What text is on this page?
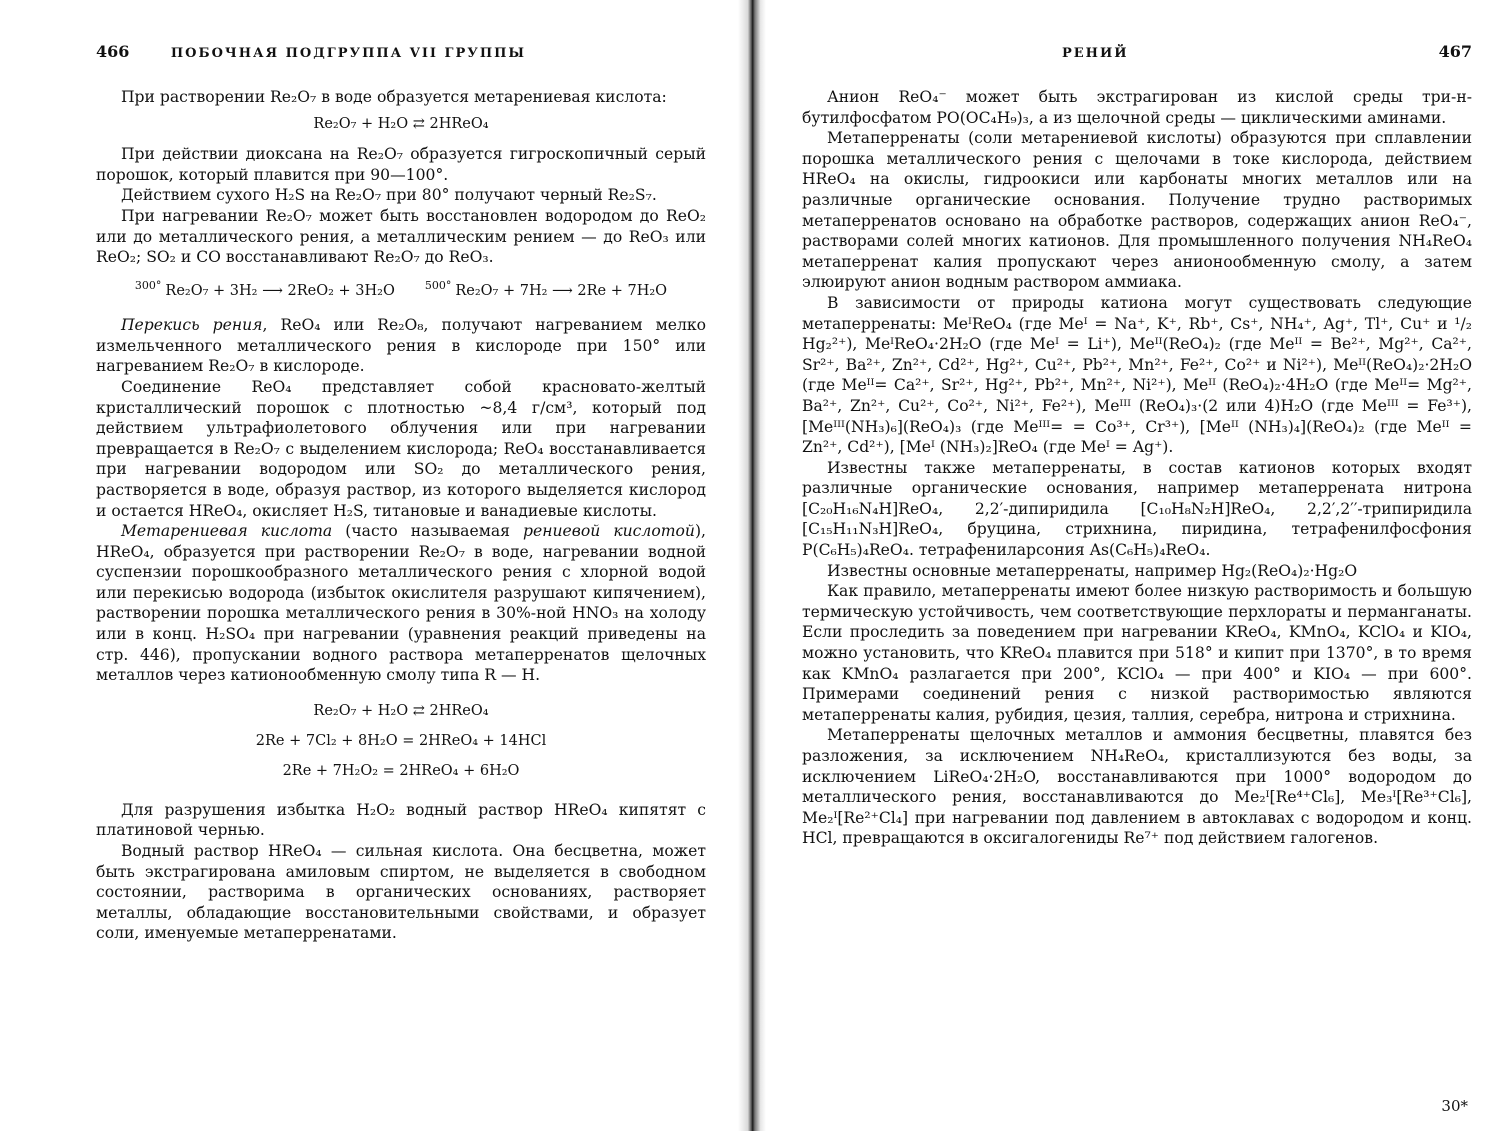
466	ПОБОЧНАЯ ПОДГРУППА VII ГРУППЫ

При растворении Re₂O₇ в воде образуется метарениевая кислота:

Re₂O₇ + H₂O ⇄ 2HReO₄

При действии диоксана на Re₂O₇ образуется гигроскопичный серый порошок, который плавится при 90—100°.

Действием сухого H₂S на Re₂O₇ при 80° получают черный Re₂S₇.

При нагревании Re₂O₇ может быть восстановлен водородом до ReO₂ или до металлического рения, а металлическим рением — до ReO₃ или ReO₂; SO₂ и CO восстанавливают Re₂O₇ до ReO₃.

$^{300^\circ}$ Re₂O₇ + 3H₂ ⟶ 2ReO₂ + 3H₂O	$^{500^\circ}$ Re₂O₇ + 7H₂ ⟶ 2Re + 7H₂O

Перекись рения, ReO₄ или Re₂O₈, получают нагреванием мелко измельченного металлического рения в кислороде при 150° или нагреванием Re₂O₇ в кислороде.

Соединение ReO₄ представляет собой красновато-желтый кристаллический порошок с плотностью ~8,4 г/см³, который под действием ультрафиолетового облучения или при нагревании превращается в Re₂O₇ с выделением кислорода; ReO₄ восстанавливается при нагревании водородом или SO₂ до металлического рения, растворяется в воде, образуя раствор, из которого выделяется кислород и остается HReO₄, окисляет H₂S, титановые и ванадиевые кислоты.

Метарениевая кислота (часто называемая рениевой кислотой), HReO₄, образуется при растворении Re₂O₇ в воде, нагревании водной суспензии порошкообразного металлического рения с хлорной водой или перекисью водорода (избыток окислителя разрушают кипячением), растворении порошка металлического рения в 30%-ной HNO₃ на холоду или в конц. H₂SO₄ при нагревании (уравнения реакций приведены на стр. 446), пропускании водного раствора метаперренатов щелочных металлов через катионообменную смолу типа R — H.

Re₂O₇ + H₂O ⇄ 2HReO₄
2Re + 7Cl₂ + 8H₂O = 2HReO₄ + 14HCl
2Re + 7H₂O₂ = 2HReO₄ + 6H₂O

Для разрушения избытка H₂O₂ водный раствор HReO₄ кипятят с платиновой чернью.

Водный раствор HReO₄ — сильная кислота. Она бесцветна, может быть экстрагирована амиловым спиртом, не выделяется в свободном состоянии, растворима в органических основаниях, растворяет металлы, обладающие восстановительными свойствами, и образует соли, именуемые метаперренатами.

РЕНИЙ	467

Анион ReO₄⁻ может быть экстрагирован из кислой среды три-н-бутилфосфатом PO(OC₄H₉)₃, а из щелочной среды — циклическими аминами.

Метаперренаты (соли метарениевой кислоты) образуются при сплавлении порошка металлического рения с щелочами в токе кислорода, действием HReO₄ на окислы, гидроокиси или карбонаты многих металлов или на различные органические основания. Получение трудно растворимых метаперренатов основано на обработке растворов, содержащих анион ReO₄⁻, растворами солей многих катионов. Для промышленного получения NH₄ReO₄ метаперренат калия пропускают через анионообменную смолу, а затем элюируют анион водным раствором аммиака.

В зависимости от природы катиона могут существовать следующие метаперренаты: MeᴵReO₄ (где Meᴵ = Na⁺, K⁺, Rb⁺, Cs⁺, NH₄⁺, Ag⁺, Tl⁺, Cu⁺ и ¹/₂ Hg₂²⁺), MeᴵReO₄·2H₂O (где Meᴵ = Li⁺), Meᴵᴵ(ReO₄)₂ (где Meᴵᴵ = Be²⁺, Mg²⁺, Ca²⁺, Sr²⁺, Ba²⁺, Zn²⁺, Cd²⁺, Hg²⁺, Cu²⁺, Pb²⁺, Mn²⁺, Fe²⁺, Co²⁺ и Ni²⁺), Meᴵᴵ(ReO₄)₂·2H₂O (где Meᴵᴵ= Ca²⁺, Sr²⁺, Hg²⁺, Pb²⁺, Mn²⁺, Ni²⁺), Meᴵᴵ (ReO₄)₂·4H₂O (где Meᴵᴵ= Mg²⁺, Ba²⁺, Zn²⁺, Cu²⁺, Co²⁺, Ni²⁺, Fe²⁺), Meᴵᴵᴵ (ReO₄)₃·(2 или 4)H₂O (где Meᴵᴵᴵ = Fe³⁺), [Meᴵᴵᴵ(NH₃)₆](ReO₄)₃ (где Meᴵᴵᴵ= = Co³⁺, Cr³⁺), [Meᴵᴵ (NH₃)₄](ReO₄)₂ (где Meᴵᴵ = Zn²⁺, Cd²⁺), [Meᴵ (NH₃)₂]ReO₄ (где Meᴵ = Ag⁺).

Известны также метаперренаты, в состав катионов которых входят различные органические основания, например метаперрената нитрона [C₂₀H₁₆N₄H]ReO₄, 2,2′-дипиридила [C₁₀H₈N₂H]ReO₄, 2,2′,2′′-трипиридила [C₁₅H₁₁N₃H]ReO₄, бруцина, стрихнина, пиридина, тетрафенилфосфония P(C₆H₅)₄ReO₄. тетрафениларсония As(C₆H₅)₄ReO₄.

Известны основные метаперренаты, например Hg₂(ReO₄)₂·Hg₂O

Как правило, метаперренаты имеют более низкую растворимость и большую термическую устойчивость, чем соответствующие перхлораты и перманганаты. Если проследить за поведением при нагревании KReO₄, KMnO₄, KClO₄ и KIO₄, можно установить, что KReO₄ плавится при 518° и кипит при 1370°, в то время как KMnO₄ разлагается при 200°, KClO₄ — при 400° и KIO₄ — при 600°. Примерами соединений рения с низкой растворимостью являются метаперренаты калия, рубидия, цезия, таллия, серебра, нитрона и стрихнина.

Метаперренаты щелочных металлов и аммония бесцветны, плавятся без разложения, за исключением NH₄ReO₄, кристаллизуются без воды, за исключением LiReO₄·2H₂O, восстанавливаются при 1000° водородом до металлического рения, восстанавливаются до Me₂ᴵ[Re⁴⁺Cl₆], Me₃ᴵ[Re³⁺Cl₆], Me₂ᴵ[Re²⁺Cl₄] при нагревании под давлением в автоклавах с водородом и конц. HCl, превращаются в оксигалогениды Re⁷⁺ под действием галогенов.

30*
